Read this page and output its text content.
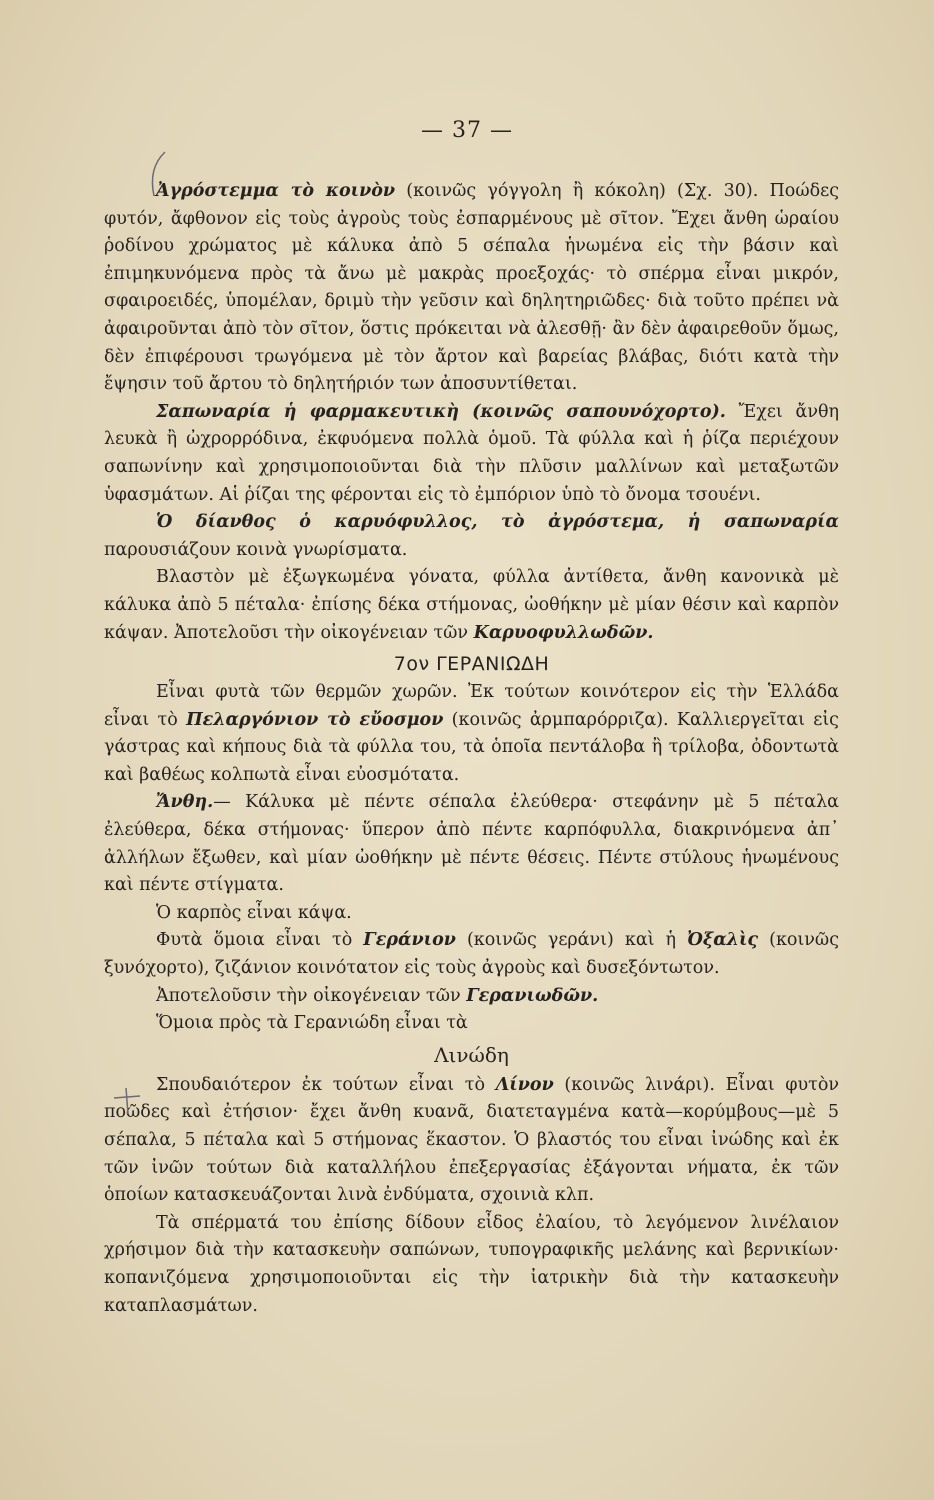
— 37 —

Ἀγρόστεμμα τὸ κοινὸν (κοινῶς γόγγολη ἢ κόκολη) (Σχ. 30). Ποώδες φυτόν, ἄφθονον εἰς τοὺς ἀγροὺς τοὺς ἐσπαρμένους μὲ σῖτον. Ἔχει ἄνθη ὡραίου ῥοδίνου χρώματος μὲ κάλυκα ἀπὸ 5 σέπαλα ἡνωμένα εἰς τὴν βάσιν καὶ ἐπιμηκυνόμενα πρὸς τὰ ἄνω μὲ μακρὰς προεξοχάς· τὸ σπέρμα εἶναι μικρόν, σφαιροειδές, ὑπομέλαν, δριμὺ τὴν γεῦσιν καὶ δηλητηριῶδες· διὰ τοῦτο πρέπει νὰ ἀφαιροῦνται ἀπὸ τὸν σῖτον, ὅστις πρόκειται νὰ ἀλεσθῇ· ἂν δὲν ἀφαιρεθοῦν ὅμως, δὲν ἐπιφέρουσι τρωγόμενα μὲ τὸν ἄρτον καὶ βαρείας βλάβας, διότι κατὰ τὴν ἔψησιν τοῦ ἄρτου τὸ δηλητήριόν των ἀποσυντίθεται.

Σαπωναρία ἡ φαρμακευτικὴ (κοινῶς σαπουνόχορτο). Ἔχει ἄνθη λευκὰ ἢ ὠχρορρόδινα, ἐκφυόμενα πολλὰ ὁμοῦ. Τὰ φύλλα καὶ ἡ ῥίζα περιέχουν σαπωνίνην καὶ χρησιμοποιοῦνται διὰ τὴν πλῦσιν μαλλίνων καὶ μεταξωτῶν ὑφασμάτων. Αἱ ῥίζαι της φέρονται εἰς τὸ ἐμπόριον ὑπὸ τὸ ὄνομα τσουένι.

Ὁ δίανθος ὁ καρυόφυλλος, τὸ ἀγρόστεμα, ἡ σαπωναρία παρουσιάζουν κοινὰ γνωρίσματα.

Βλαστὸν μὲ ἐξωγκωμένα γόνατα, φύλλα ἀντίθετα, ἄνθη κανονικὰ μὲ κάλυκα ἀπὸ 5 πέταλα· ἐπίσης δέκα στήμονας, ὠοθήκην μὲ μίαν θέσιν καὶ καρπὸν κάψαν. Ἀποτελοῦσι τὴν οἰκογένειαν τῶν Καρυοφυλλωδῶν.

7ον ΓΕΡΑΝΙΩΔΗ

Εἶναι φυτὰ τῶν θερμῶν χωρῶν. Ἐκ τούτων κοινότερον εἰς τὴν Ἑλλάδα εἶναι τὸ Πελαργόνιον τὸ εὔοσμον (κοινῶς ἀρμπαρόρριζα). Καλλιεργεῖται εἰς γάστρας καὶ κήπους διὰ τὰ φύλλα του, τὰ ὁποῖα πεντάλοβα ἢ τρίλοβα, ὀδοντωτὰ καὶ βαθέως κολπωτὰ εἶναι εὐοσμότατα.

Ἄνθη.— Κάλυκα μὲ πέντε σέπαλα ἐλεύθερα· στεφάνην μὲ 5 πέταλα ἐλεύθερα, δέκα στήμονας· ὕπερον ἀπὸ πέντε καρπόφυλλα, διακρινόμενα ἀπ᾽ ἀλλήλων ἔξωθεν, καὶ μίαν ὠοθήκην μὲ πέντε θέσεις. Πέντε στύλους ἡνωμένους καὶ πέντε στίγματα.

Ὁ καρπὸς εἶναι κάψα.

Φυτὰ ὅμοια εἶναι τὸ Γεράνιον (κοινῶς γεράνι) καὶ ἡ Ὀξαλὶς (κοινῶς ξυνόχορτο), ζιζάνιον κοινότατον εἰς τοὺς ἀγροὺς καὶ δυσεξόντωτον.

Ἀποτελοῦσιν τὴν οἰκογένειαν τῶν Γερανιωδῶν.

Ὅμοια πρὸς τὰ Γερανιώδη εἶναι τὰ

Λινώδη

Σπουδαιότερον ἐκ τούτων εἶναι τὸ Λίνον (κοινῶς λινάρι). Εἶναι φυτὸν ποῶδες καὶ ἐτήσιον· ἔχει ἄνθη κυανᾶ, διατεταγμένα κατὰ—κορύμβους—μὲ 5 σέπαλα, 5 πέταλα καὶ 5 στήμονας ἕκαστον. Ὁ βλαστός του εἶναι ἰνώδης καὶ ἐκ τῶν ἰνῶν τούτων διὰ καταλλήλου ἐπεξεργασίας ἐξάγονται νήματα, ἐκ τῶν ὁποίων κατασκευάζονται λινὰ ἐνδύματα, σχοινιὰ κλπ.

Τὰ σπέρματά του ἐπίσης δίδουν εἶδος ἐλαίου, τὸ λεγόμενον λινέλαιον χρήσιμον διὰ τὴν κατασκευὴν σαπώνων, τυπογραφικῆς μελάνης καὶ βερνικίων· κοπανιζόμενα χρησιμοποιοῦνται εἰς τὴν ἰατρικὴν διὰ τὴν κατασκευὴν καταπλασμάτων.
